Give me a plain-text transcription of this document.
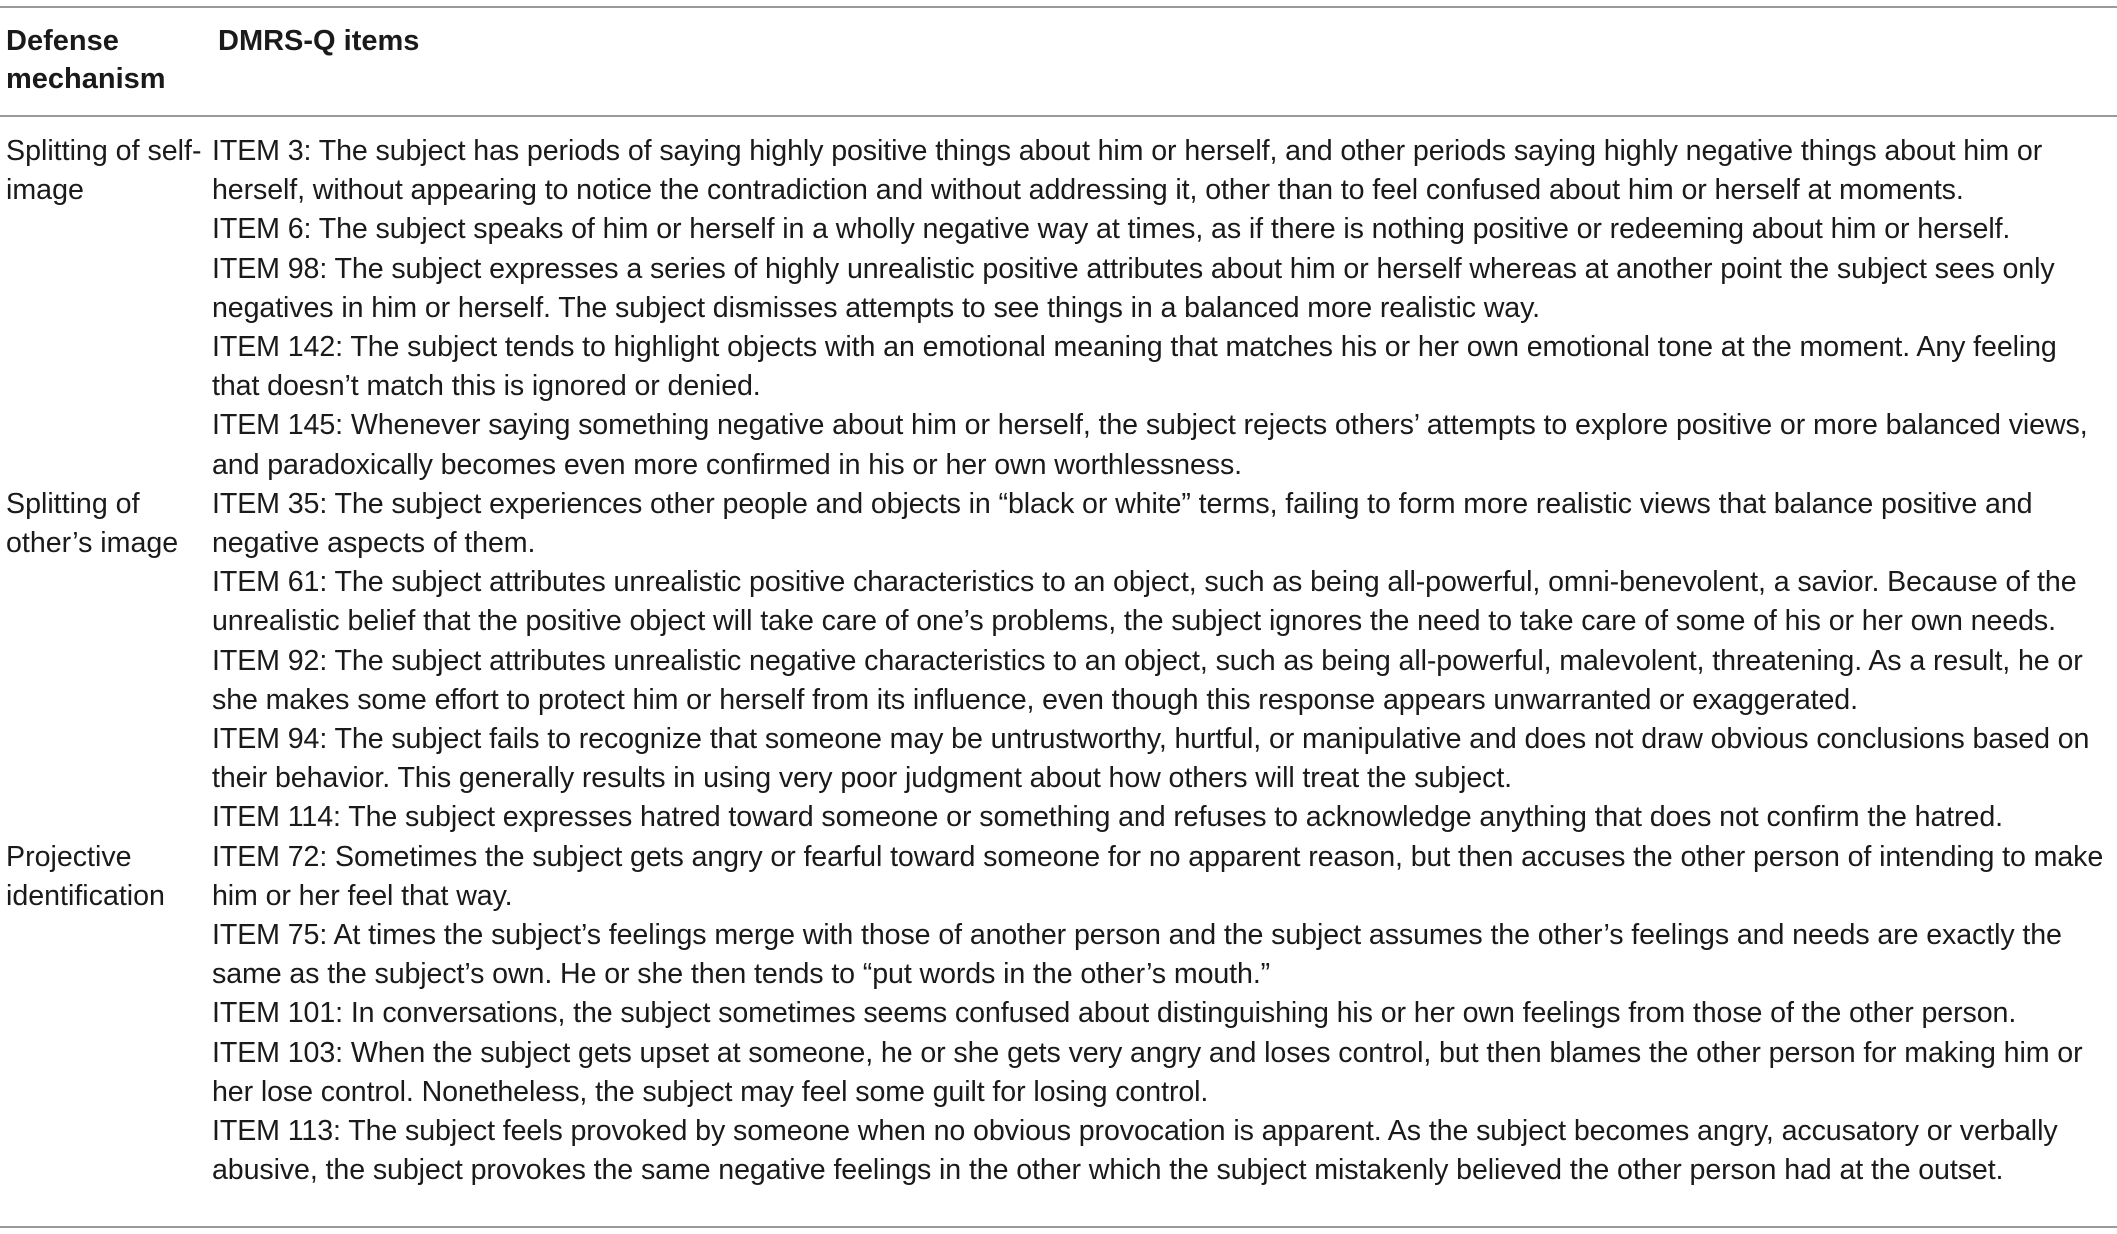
Defense mechanism
DMRS-Q items
Splitting of self-image
ITEM 3: The subject has periods of saying highly positive things about him or herself, and other periods saying highly negative things about him or herself, without appearing to notice the contradiction and without addressing it, other than to feel confused about him or herself at moments.
ITEM 6: The subject speaks of him or herself in a wholly negative way at times, as if there is nothing positive or redeeming about him or herself.
ITEM 98: The subject expresses a series of highly unrealistic positive attributes about him or herself whereas at another point the subject sees only negatives in him or herself. The subject dismisses attempts to see things in a balanced more realistic way.
ITEM 142: The subject tends to highlight objects with an emotional meaning that matches his or her own emotional tone at the moment. Any feeling that doesn’t match this is ignored or denied.
ITEM 145: Whenever saying something negative about him or herself, the subject rejects others’ attempts to explore positive or more balanced views, and paradoxically becomes even more confirmed in his or her own worthlessness.
Splitting of other’s image
ITEM 35: The subject experiences other people and objects in “black or white” terms, failing to form more realistic views that balance positive and negative aspects of them.
ITEM 61: The subject attributes unrealistic positive characteristics to an object, such as being all-powerful, omni-benevolent, a savior. Because of the unrealistic belief that the positive object will take care of one’s problems, the subject ignores the need to take care of some of his or her own needs.
ITEM 92: The subject attributes unrealistic negative characteristics to an object, such as being all-powerful, malevolent, threatening. As a result, he or she makes some effort to protect him or herself from its influence, even though this response appears unwarranted or exaggerated.
ITEM 94: The subject fails to recognize that someone may be untrustworthy, hurtful, or manipulative and does not draw obvious conclusions based on their behavior. This generally results in using very poor judgment about how others will treat the subject.
ITEM 114: The subject expresses hatred toward someone or something and refuses to acknowledge anything that does not confirm the hatred.
Projective identification
ITEM 72: Sometimes the subject gets angry or fearful toward someone for no apparent reason, but then accuses the other person of intending to make him or her feel that way.
ITEM 75: At times the subject’s feelings merge with those of another person and the subject assumes the other’s feelings and needs are exactly the same as the subject’s own. He or she then tends to “put words in the other’s mouth.”
ITEM 101: In conversations, the subject sometimes seems confused about distinguishing his or her own feelings from those of the other person.
ITEM 103: When the subject gets upset at someone, he or she gets very angry and loses control, but then blames the other person for making him or her lose control. Nonetheless, the subject may feel some guilt for losing control.
ITEM 113: The subject feels provoked by someone when no obvious provocation is apparent. As the subject becomes angry, accusatory or verbally abusive, the subject provokes the same negative feelings in the other which the subject mistakenly believed the other person had at the outset.
